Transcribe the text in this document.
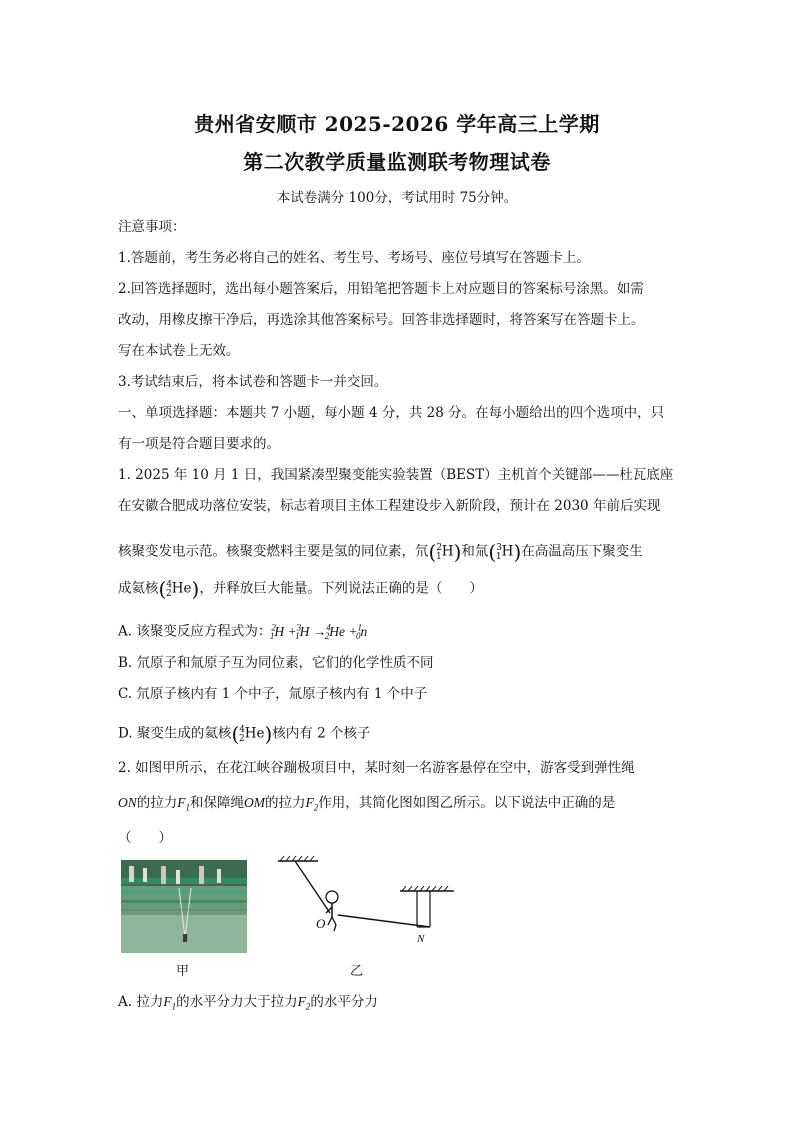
贵州省安顺市 2025-2026 学年高三上学期
第二次教学质量监测联考物理试卷
本试卷满分 100分，考试用时 75分钟。
注意事项：
1.答题前，考生务必将自己的姓名、考生号、考场号、座位号填写在答题卡上。
2.回答选择题时，选出每小题答案后，用铅笔把答题卡上对应题目的答案标号涂黑。如需
改动，用橡皮擦干净后，再选涂其他答案标号。回答非选择题时，将答案写在答题卡上。
写在本试卷上无效。
3.考试结束后，将本试卷和答题卡一并交回。
一、单项选择题：本题共 7 小题，每小题 4 分，共 28 分。在每小题给出的四个选项中，只
有一项是符合题目要求的。
1. 2025 年 10 月 1 日，我国紧凑型聚变能实验装置（BEST）主机首个关键部——杜瓦底座
在安徽合肥成功落位安装，标志着项目主体工程建设步入新阶段，预计在 2030 年前后实现
核聚变发电示范。核聚变燃料主要是氢的同位素，氘($^2_1$H)和氚($^3_1$H)在高温高压下聚变生
成氦核($^4_2$He)，并释放巨大能量。下列说法正确的是（　　）
A. 该聚变反应方程式为：$^2_1$H +$^3_1$H →$^4_2$He +$^1_0$n
B. 氘原子和氚原子互为同位素，它们的化学性质不同
C. 氘原子核内有 1 个中子，氚原子核内有 1 个中子
D. 聚变生成的氦核($^4_2$He)核内有 2 个核子
2. 如图甲所示，在花江峡谷蹦极项目中，某时刻一名游客悬停在空中，游客受到弹性绳
ON的拉力$F_1$和保障绳OM的拉力$F_2$作用，其简化图如图乙所示。以下说法中正确的是
（　　）
甲
O
N
乙
A. 拉力$F_1$的水平分力大于拉力$F_2$的水平分力
